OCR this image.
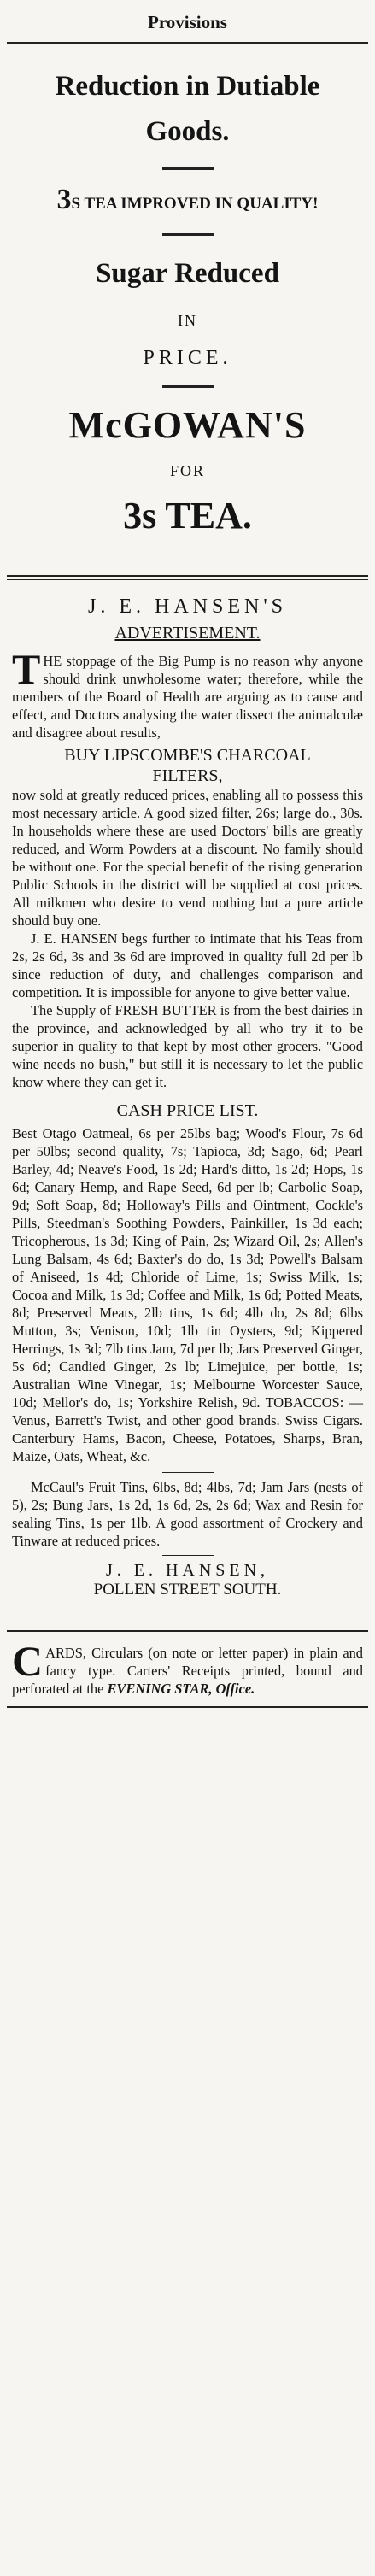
Provisions

Reduction in Dutiable

Goods.

3S TEA IMPROVED IN QUALITY!

Sugar Reduced

IN

PRICE.

McGOWAN'S

FOR

3s TEA.

J. E. HANSEN'S

ADVERTISEMENT.

THE stoppage of the Big Pump is no reason why anyone should drink unwholesome water; therefore, while the members of the Board of Health are arguing as to cause and effect, and Doctors analysing the water dissect the animalculæ and disagree about results,

BUY LIPSCOMBE'S CHARCOAL

FILTERS,

now sold at greatly reduced prices, enabling all to possess this most necessary article. A good sized filter, 26s; large do., 30s. In households where these are used Doctors' bills are greatly reduced, and Worm Powders at a discount. No family should be without one. For the special benefit of the rising generation Public Schools in the district will be supplied at cost prices. All milkmen who desire to vend nothing but a pure article should buy one.

J. E. HANSEN begs further to intimate that his Teas from 2s, 2s 6d, 3s and 3s 6d are improved in quality full 2d per lb since reduction of duty, and challenges comparison and competition. It is impossible for anyone to give better value.

The Supply of FRESH BUTTER is from the best dairies in the province, and acknowledged by all who try it to be superior in quality to that kept by most other grocers. "Good wine needs no bush," but still it is necessary to let the public know where they can get it.

CASH PRICE LIST.

Best Otago Oatmeal, 6s per 25lbs bag; Wood's Flour, 7s 6d per 50lbs; second quality, 7s; Tapioca, 3d; Sago, 6d; Pearl Barley, 4d; Neave's Food, 1s 2d; Hard's ditto, 1s 2d; Hops, 1s 6d; Canary Hemp, and Rape Seed, 6d per lb; Carbolic Soap, 9d; Soft Soap, 8d; Holloway's Pills and Ointment, Cockle's Pills, Steedman's Soothing Powders, Painkiller, 1s 3d each; Tricopherous, 1s 3d; King of Pain, 2s; Wizard Oil, 2s; Allen's Lung Balsam, 4s 6d; Baxter's do do, 1s 3d; Powell's Balsam of Aniseed, 1s 4d; Chloride of Lime, 1s; Swiss Milk, 1s; Cocoa and Milk, 1s 3d; Coffee and Milk, 1s 6d; Potted Meats, 8d; Preserved Meats, 2lb tins, 1s 6d; 4lb do, 2s 8d; 6lbs Mutton, 3s; Venison, 10d; 1lb tin Oysters, 9d; Kippered Herrings, 1s 3d; 7lb tins Jam, 7d per lb; Jars Preserved Ginger, 5s 6d; Candied Ginger, 2s lb; Limejuice, per bottle, 1s; Australian Wine Vinegar, 1s; Melbourne Worcester Sauce, 10d; Mellor's do, 1s; Yorkshire Relish, 9d. TOBACCOS: —Venus, Barrett's Twist, and other good brands. Swiss Cigars. Canterbury Hams, Bacon, Cheese, Potatoes, Sharps, Bran, Maize, Oats, Wheat, &c.

McCaul's Fruit Tins, 6lbs, 8d; 4lbs, 7d; Jam Jars (nests of 5), 2s; Bung Jars, 1s 2d, 1s 6d, 2s, 2s 6d; Wax and Resin for sealing Tins, 1s per 1lb. A good assortment of Crockery and Tinware at reduced prices.

J. E. HANSEN,

POLLEN STREET SOUTH.

CARDS, Circulars (on note or letter paper) in plain and fancy type. Carters' Receipts printed, bound and perforated at the EVENING STAR, Office.
